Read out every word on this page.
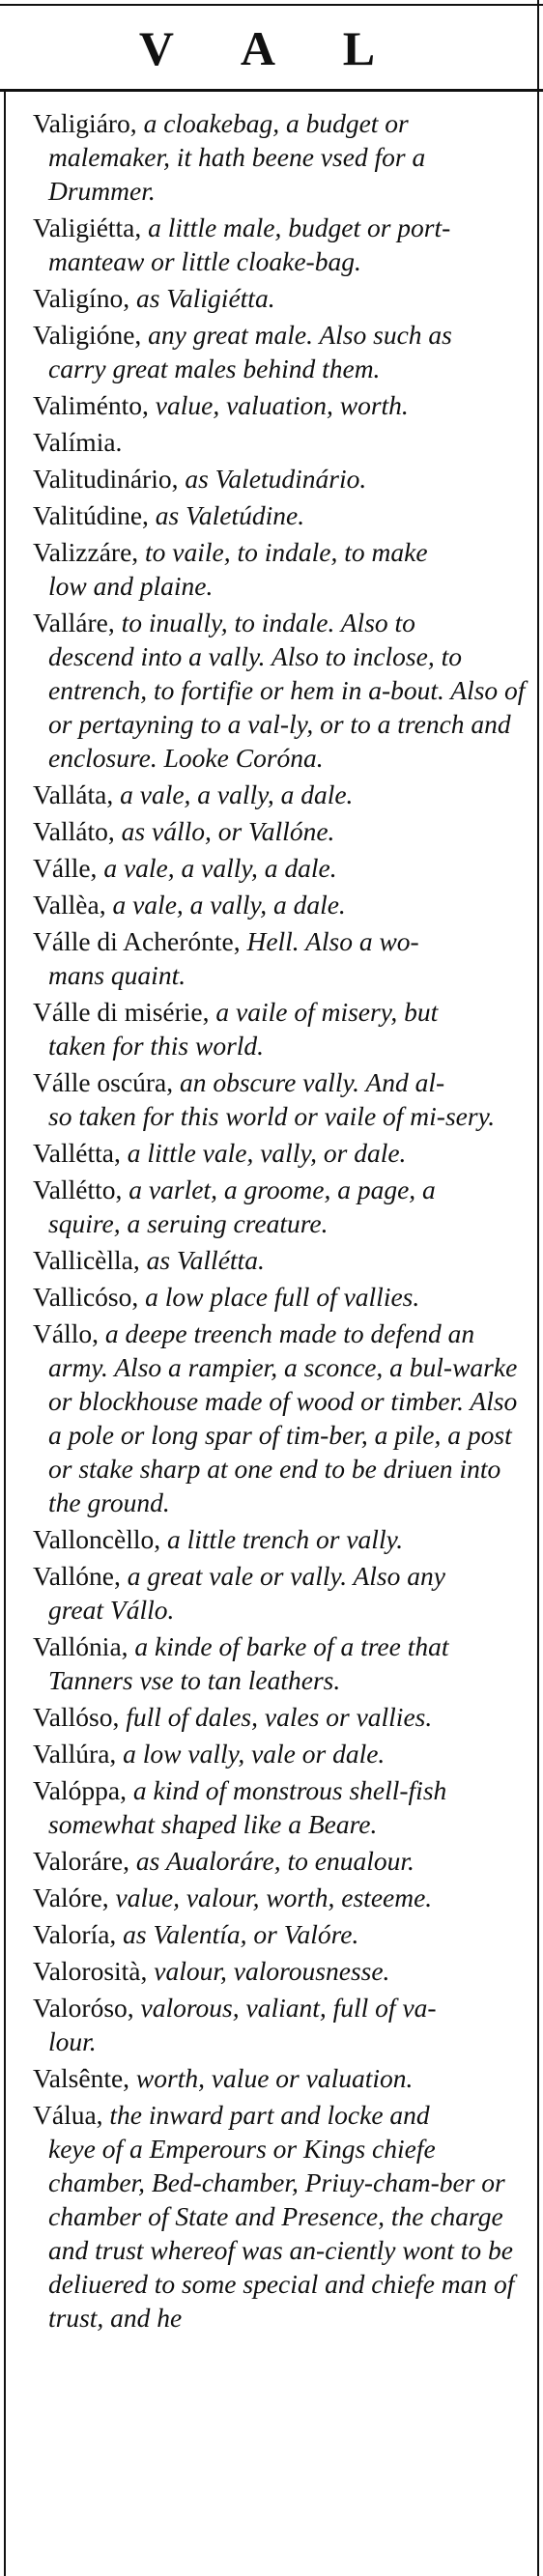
V A L
Valigiáro, a cloakebag, a budget or
malemaker, it hath beene vsed for a Drummer.
Valigiétta, a little male, budget or port-
manteaw or little cloake-bag.
Valigíno, as Valigiétta.
Valigióne, any great male. Also such as
carry great males behind them.
Valiménto, value, valuation, worth.
Valímia.
Valitudinário, as Valetudinário.
Valitúdine, as Valetúdine.
Valizzáre, to vaile, to indale, to make
low and plaine.
Valláre, to inually, to indale. Also to
descend into a vally. Also to inclose, to entrench, to fortifie or hem in a-bout. Also of or pertayning to a val-ly, or to a trench and enclosure. Looke Coróna.
Valláta, a vale, a vally, a dale.
Valláto, as vállo, or Vallóne.
Válle, a vale, a vally, a dale.
Vallèa, a vale, a vally, a dale.
Válle di Acherónte, Hell. Also a wo-
mans quaint.
Válle di misérie, a vaile of misery, but
taken for this world.
Válle oscúra, an obscure vally. And al-
so taken for this world or vaile of mi-sery.
Vallétta, a little vale, vally, or dale.
Vallétto, a varlet, a groome, a page, a
squire, a seruing creature.
Vallicèlla, as Vallétta.
Vallicóso, a low place full of vallies.
Vállo, a deepe treench made to defend an
army. Also a rampier, a sconce, a bul-warke or blockhouse made of wood or timber. Also a pole or long spar of tim-ber, a pile, a post or stake sharp at one end to be driuen into the ground.
Valloncèllo, a little trench or vally.
Vallóne, a great vale or vally. Also any
great Vállo.
Vallónia, a kinde of barke of a tree that
Tanners vse to tan leathers.
Vallóso, full of dales, vales or vallies.
Vallúra, a low vally, vale or dale.
Valóppa, a kind of monstrous shell-fish
somewhat shaped like a Beare.
Valoráre, as Aualoráre, to enualour.
Valóre, value, valour, worth, esteeme.
Valoría, as Valentía, or Valóre.
Valorosità, valour, valorousnesse.
Valoróso, valorous, valiant, full of va-
lour.
Valsênte, worth, value or valuation.
Válua, the inward part and locke and
keye of a Emperours or Kings chiefe chamber, Bed-chamber, Priuy-cham-ber or chamber of State and Presence, the charge and trust whereof was an-ciently wont to be deliuered to some special and chiefe man of trust, and he
